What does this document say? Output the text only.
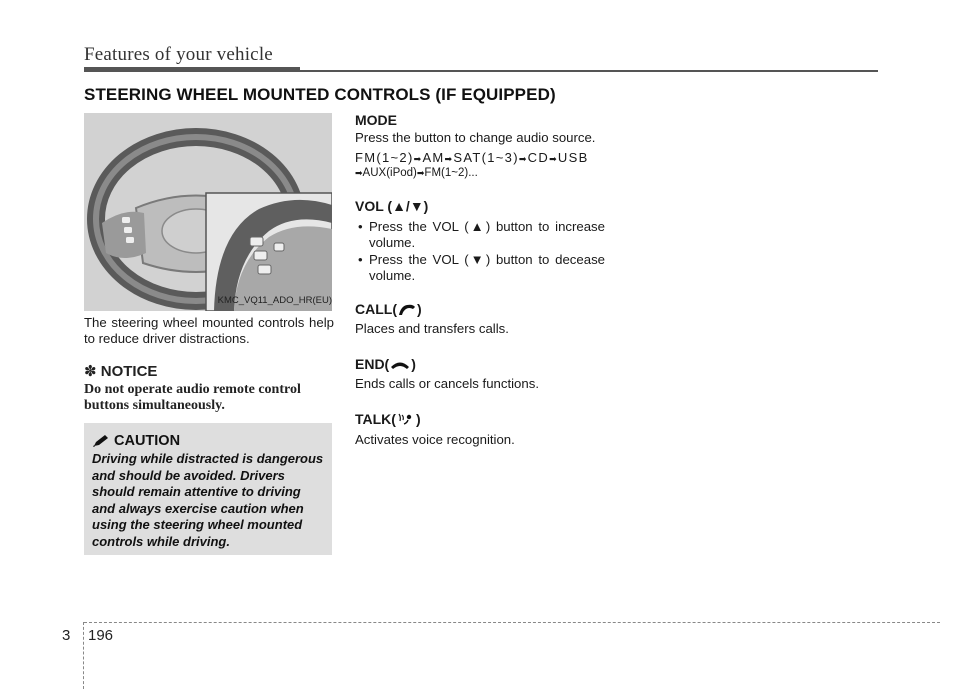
Features of your vehicle
STEERING WHEEL MOUNTED CONTROLS (IF EQUIPPED)
KMC_VQ11_ADO_HR(EU)
The steering wheel mounted controls help to reduce driver distractions.
✽ NOTICE
Do not operate audio remote control buttons simultaneously.
CAUTION
Driving while distracted is dangerous and should be avoided. Drivers should remain attentive to driving and always exercise caution when using the steering wheel mounted controls while driving.
MODE
Press the button to change audio source.
FM(1~2)➡AM➡SAT(1~3)➡CD➡USB
➡AUX(iPod)➡FM(1~2)...
VOL (▲/▼)
• Press the VOL (▲) button to increase volume.
• Press the VOL (▼) button to decease volume.
CALL( )
Places and transfers calls.
END( )
Ends calls or cancels functions.
TALK( )
Activates voice recognition.
3 196
